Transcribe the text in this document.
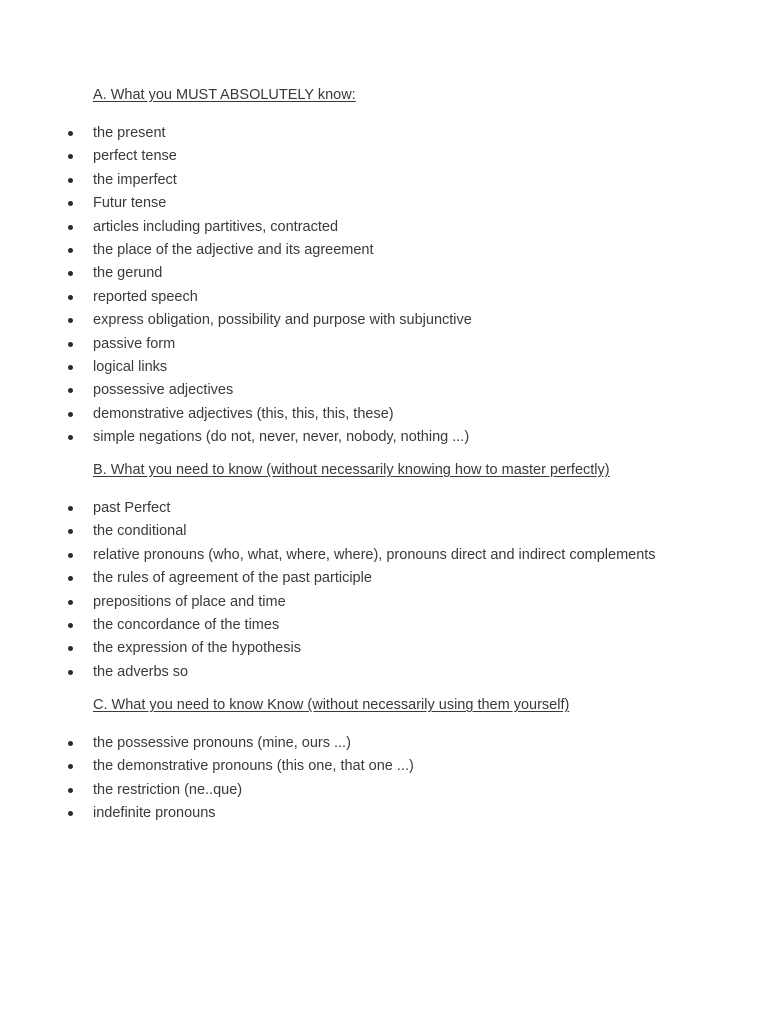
A. What you MUST ABSOLUTELY know:
the present
perfect tense
the imperfect
Futur tense
articles including partitives, contracted
the place of the adjective and its agreement
the gerund
reported speech
express obligation, possibility and purpose with subjunctive
passive form
logical links
possessive adjectives
demonstrative adjectives (this, this, this, these)
simple negations (do not, never, never, nobody, nothing ...)
B. What you need to know (without necessarily knowing how to master perfectly)
past Perfect
the conditional
relative pronouns (who, what, where, where), pronouns direct and indirect complements
the rules of agreement of the past participle
prepositions of place and time
the concordance of the times
the expression of the hypothesis
the adverbs so
C. What you need to know Know (without necessarily using them yourself)
the possessive pronouns (mine, ours ...)
the demonstrative pronouns (this one, that one ...)
the restriction (ne..que)
indefinite pronouns
